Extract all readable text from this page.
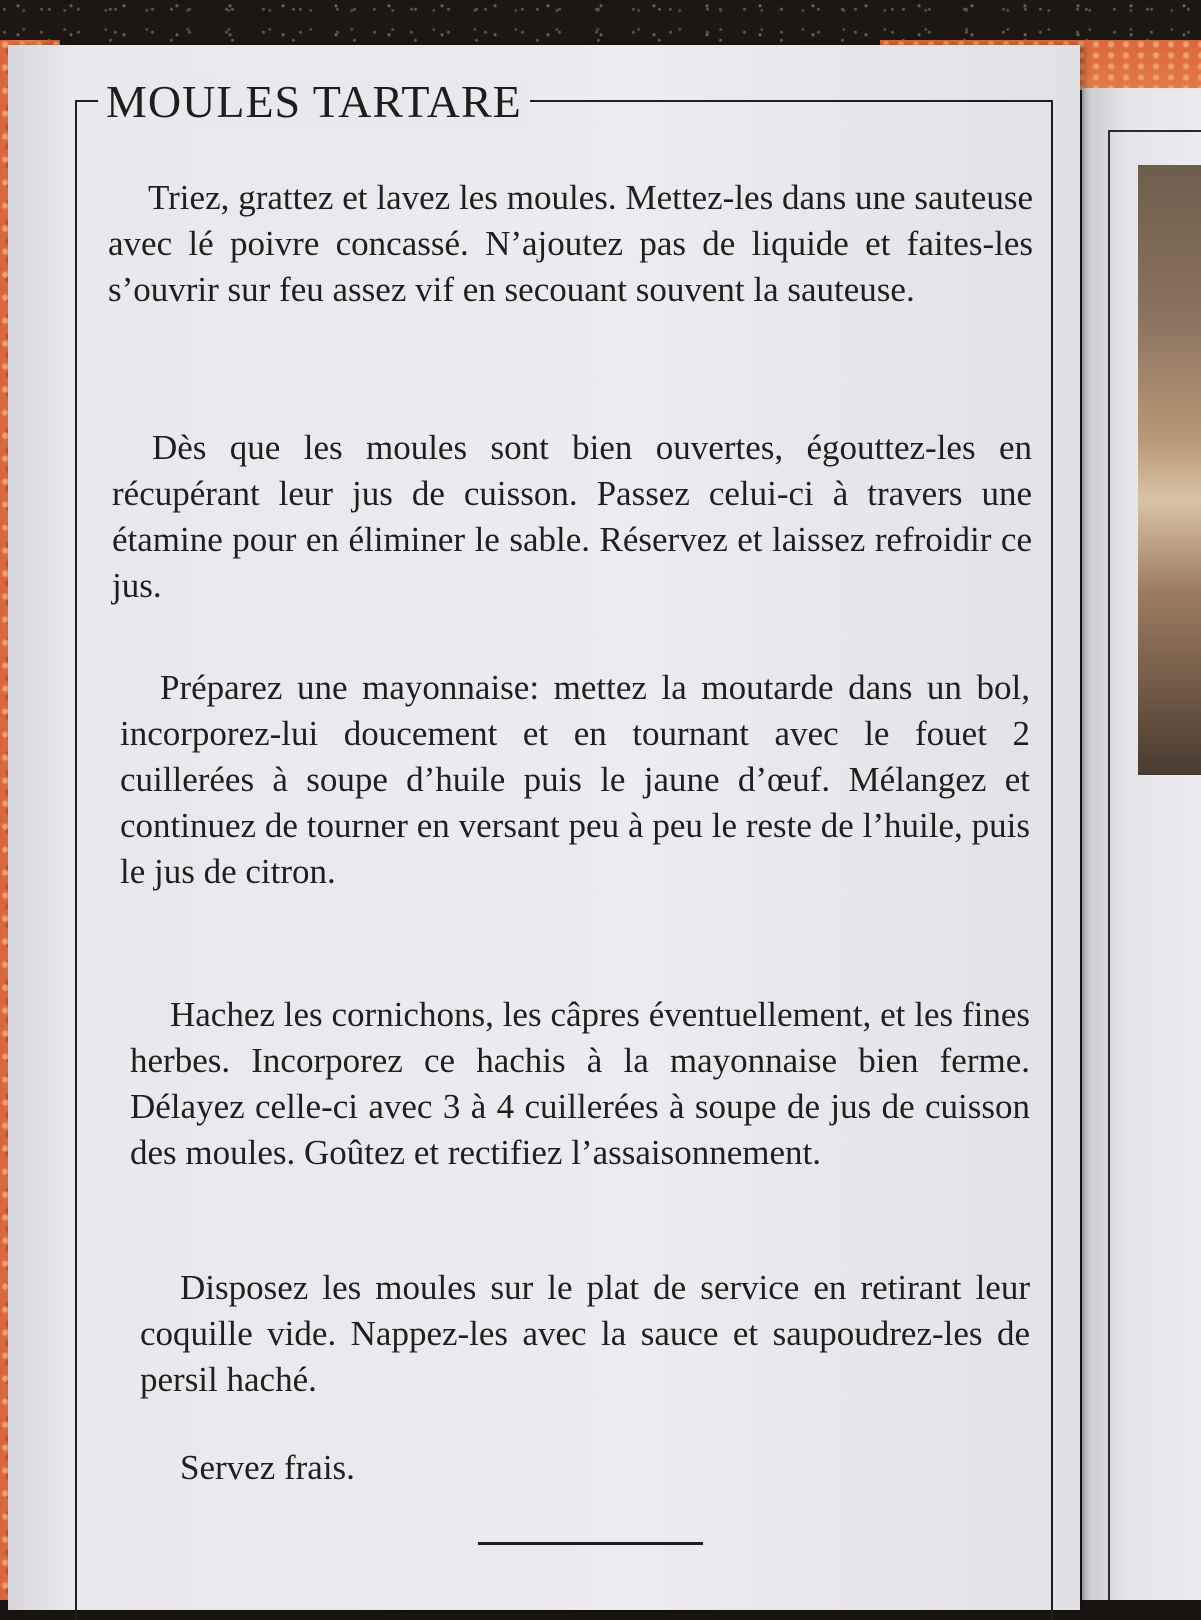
MOULES TARTARE

Triez, grattez et lavez les moules. Mettez-les dans une sauteuse avec lé poivre concassé. N’ajoutez pas de liquide et faites-les s’ouvrir sur feu assez vif en secouant souvent la sauteuse.

Dès que les moules sont bien ouvertes, égouttez-les en récupérant leur jus de cuisson. Passez celui-ci à travers une étamine pour en éliminer le sable. Réservez et laissez refroidir ce jus.

Préparez une mayonnaise: mettez la moutarde dans un bol, incorporez-lui doucement et en tournant avec le fouet 2 cuillerées à soupe d’huile puis le jaune d’œuf. Mélangez et continuez de tourner en versant peu à peu le reste de l’huile, puis le jus de citron.

Hachez les cornichons, les câpres éventuellement, et les fines herbes. Incorporez ce hachis à la mayonnaise bien ferme. Délayez celle-ci avec 3 à 4 cuillerées à soupe de jus de cuisson des moules. Goûtez et rectifiez l’assaisonnement.

Disposez les moules sur le plat de service en retirant leur coquille vide. Nappez-les avec la sauce et saupoudrez-les de persil haché.

Servez frais.
